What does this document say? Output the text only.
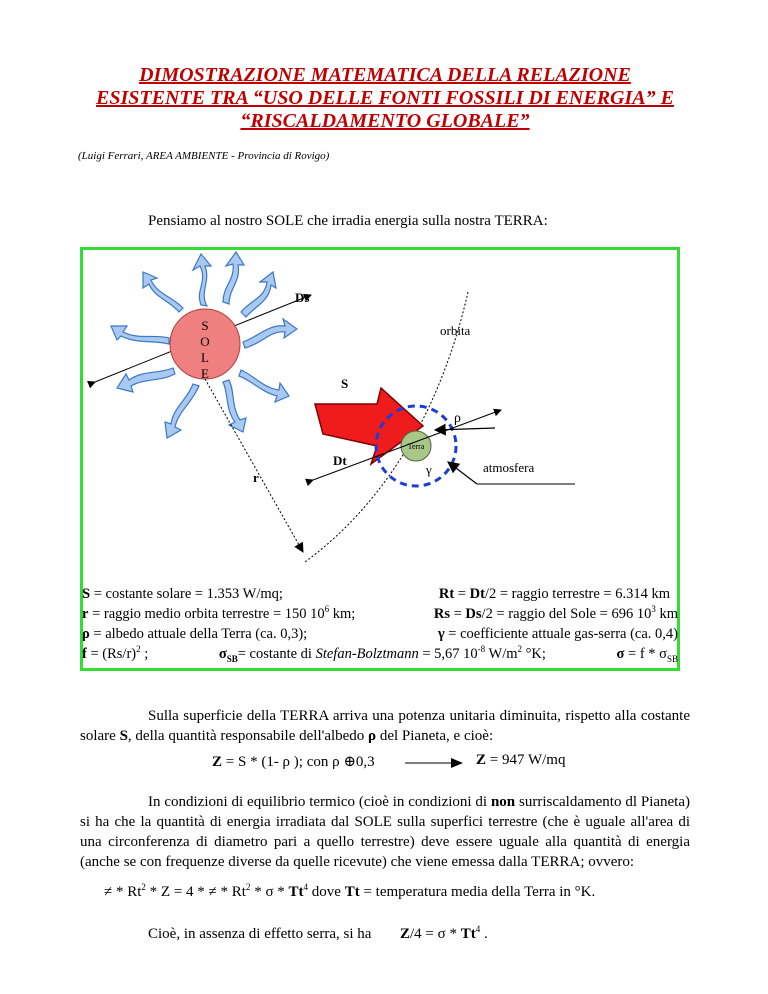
DIMOSTRAZIONE MATEMATICA DELLA RELAZIONE
ESISTENTE TRA “USO DELLE FONTI FOSSILI DI ENERGIA” E
“RISCALDAMENTO GLOBALE”
(Luigi Ferrari, AREA AMBIENTE - Provincia di Rovigo)
Pensiamo al nostro SOLE che irradia energia sulla nostra TERRA:
S
O
L
E
Ds
orbita
r
S
Terra
Dt
ρ
γ	atmosfera
S = costante solare = 1.353 W/mq;	Rt = Dt/2 = raggio terrestre = 6.314 km
r = raggio medio orbita terrestre = 150 $10^6$ km;	Rs = Ds/2 = raggio del Sole = 696 $10^3$ km
ρ = albedo attuale della Terra (ca. 0,3);	γ = coefficiente attuale gas-serra (ca. 0,4)
$f = (Rs/r)^2$ ;	$\sigma_{SB}=$ costante di Stefan-Bolztmann = 5,67 $10^{-8}$ $W/m^2$ °K;	$\sigma = f * \sigma_{SB}$
Sulla superficie della TERRA arriva una potenza unitaria diminuita, rispetto alla costante solare S, della quantità responsabile dell'albedo ρ del Pianeta, e cioè:
Z = S * (1- ρ ); con ρ ⊕0,3	Z = 947 W/mq
In condizioni di equilibrio termico (cioè in condizioni di non surriscaldamento dl Pianeta) si ha che la quantità di energia irradiata dal SOLE sulla superfici terrestre (che è uguale all'area di una circonferenza di diametro pari a quello terrestre) deve essere uguale alla quantità di energia (anche se con frequenze diverse da quelle ricevute) che viene emessa dalla TERRA; ovvero:
≠ * Rt$^2$ * Z = 4 * ≠ * Rt$^2$ * σ * Tt$^4$ dove Tt = temperatura media della Terra in °K.
Cioè, in assenza di effetto serra, si ha Z/4 = σ * Tt$^4$ .
